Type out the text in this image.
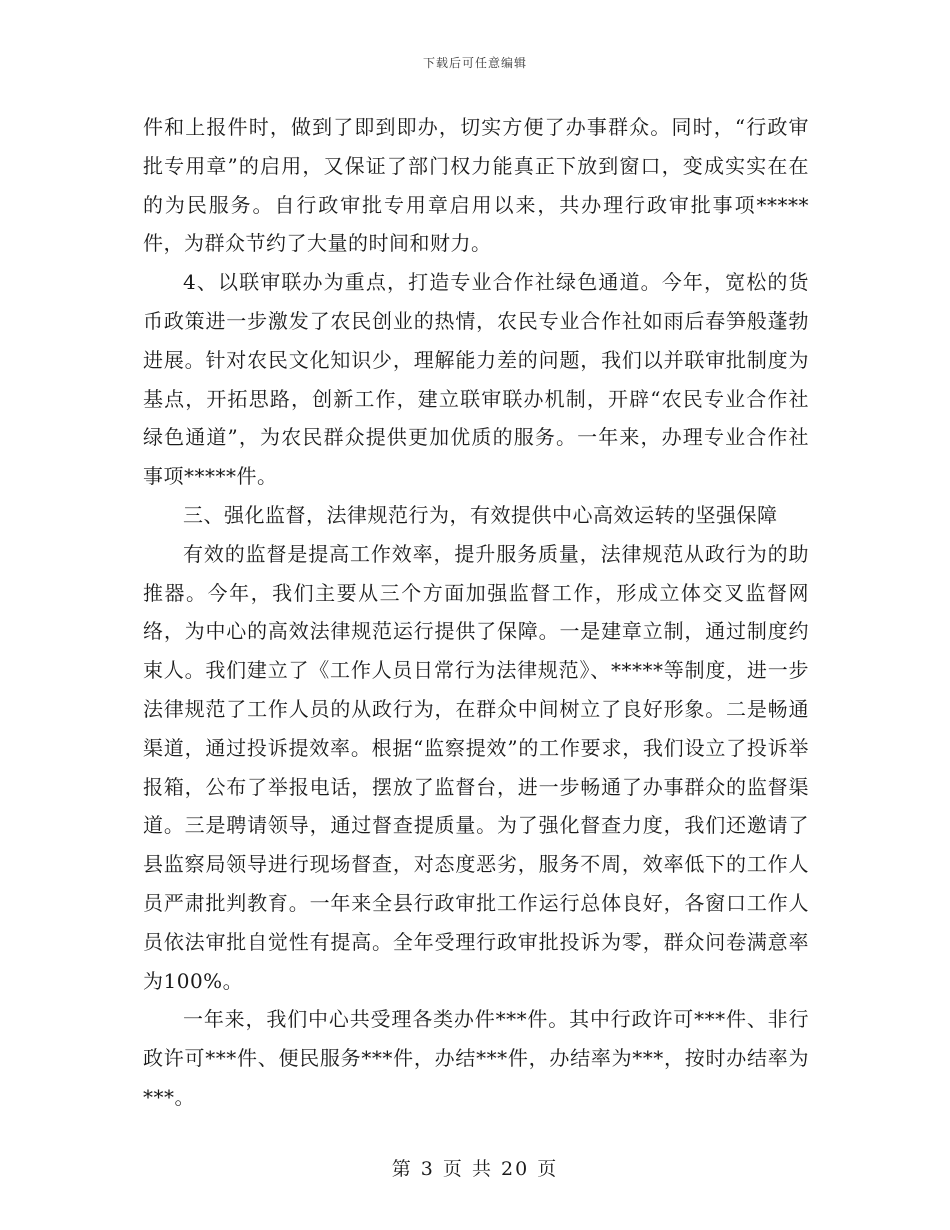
下载后可任意编辑

件和上报件时，做到了即到即办，切实方便了办事群众。同时，“行政审批专用章”的启用，又保证了部门权力能真正下放到窗口，变成实实在在的为民服务。自行政审批专用章启用以来，共办理行政审批事项*****件，为群众节约了大量的时间和财力。

4、以联审联办为重点，打造专业合作社绿色通道。今年，宽松的货币政策进一步激发了农民创业的热情，农民专业合作社如雨后春笋般蓬勃进展。针对农民文化知识少，理解能力差的问题，我们以并联审批制度为基点，开拓思路，创新工作，建立联审联办机制，开辟“农民专业合作社绿色通道”，为农民群众提供更加优质的服务。一年来，办理专业合作社事项*****件。

三、强化监督，法律规范行为，有效提供中心高效运转的坚强保障

有效的监督是提高工作效率，提升服务质量，法律规范从政行为的助推器。今年，我们主要从三个方面加强监督工作，形成立体交叉监督网络，为中心的高效法律规范运行提供了保障。一是建章立制，通过制度约束人。我们建立了《工作人员日常行为法律规范》、*****等制度，进一步法律规范了工作人员的从政行为，在群众中间树立了良好形象。二是畅通渠道，通过投诉提效率。根据“监察提效”的工作要求，我们设立了投诉举报箱，公布了举报电话，摆放了监督台，进一步畅通了办事群众的监督渠道。三是聘请领导，通过督查提质量。为了强化督查力度，我们还邀请了县监察局领导进行现场督查，对态度恶劣，服务不周，效率低下的工作人员严肃批判教育。一年来全县行政审批工作运行总体良好，各窗口工作人员依法审批自觉性有提高。全年受理行政审批投诉为零，群众问卷满意率为100%。

一年来，我们中心共受理各类办件***件。其中行政许可***件、非行政许可***件、便民服务***件，办结***件，办结率为***，按时办结率为***。

第 3 页 共 20 页
